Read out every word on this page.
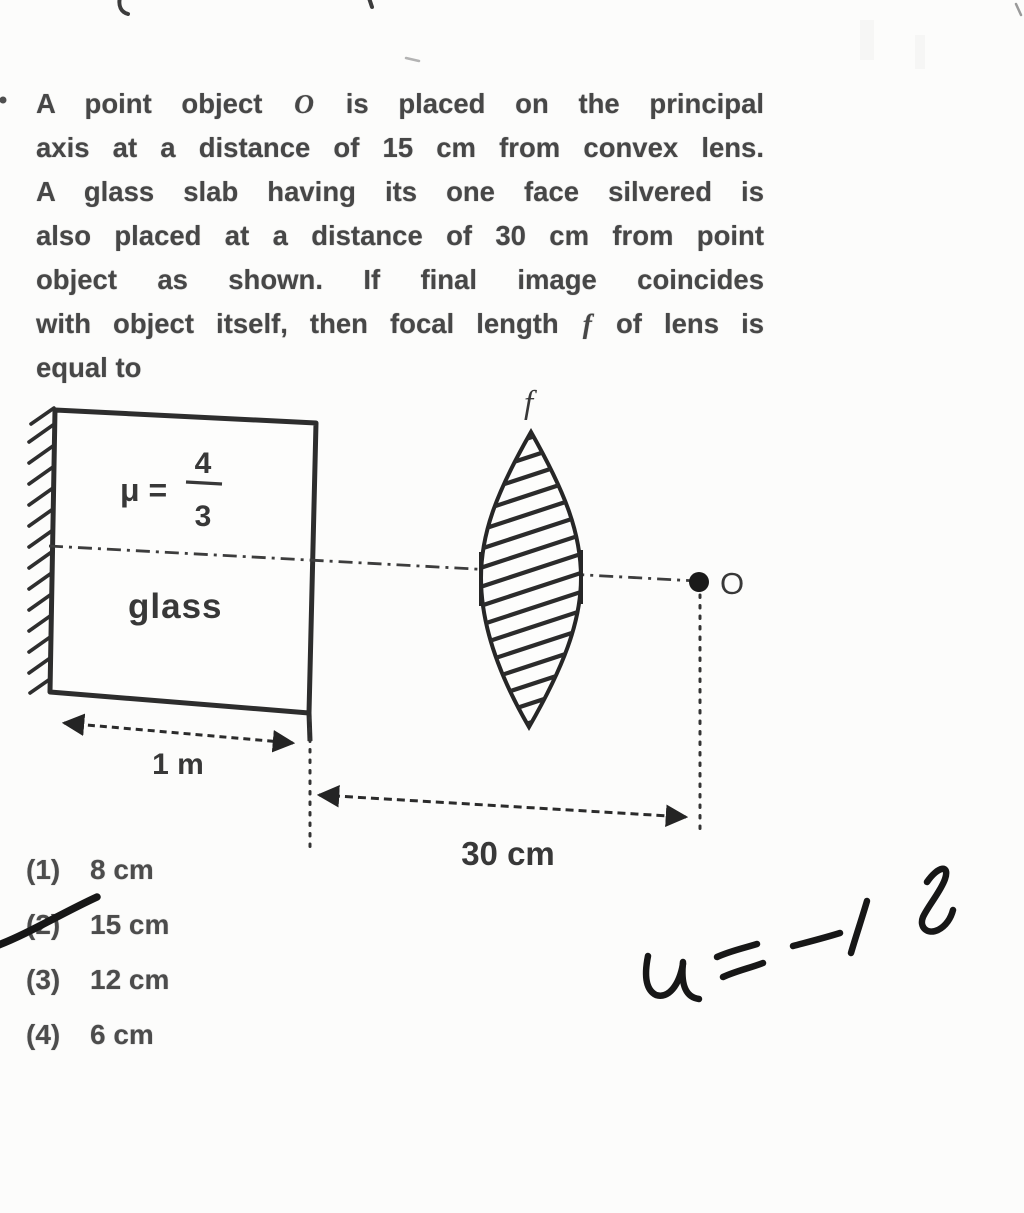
A point object O is placed on the principal
axis at a distance of 15 cm from convex lens.
A glass slab having its one face silvered is
also placed at a distance of 30 cm from point
object as shown. If final image coincides
with object itself, then focal length f of lens is
equal to
μ =
4
3
glass
f
O
1 m
30 cm
(1)	8 cm
(2)	15 cm
(3)	12 cm
(4)	6 cm
